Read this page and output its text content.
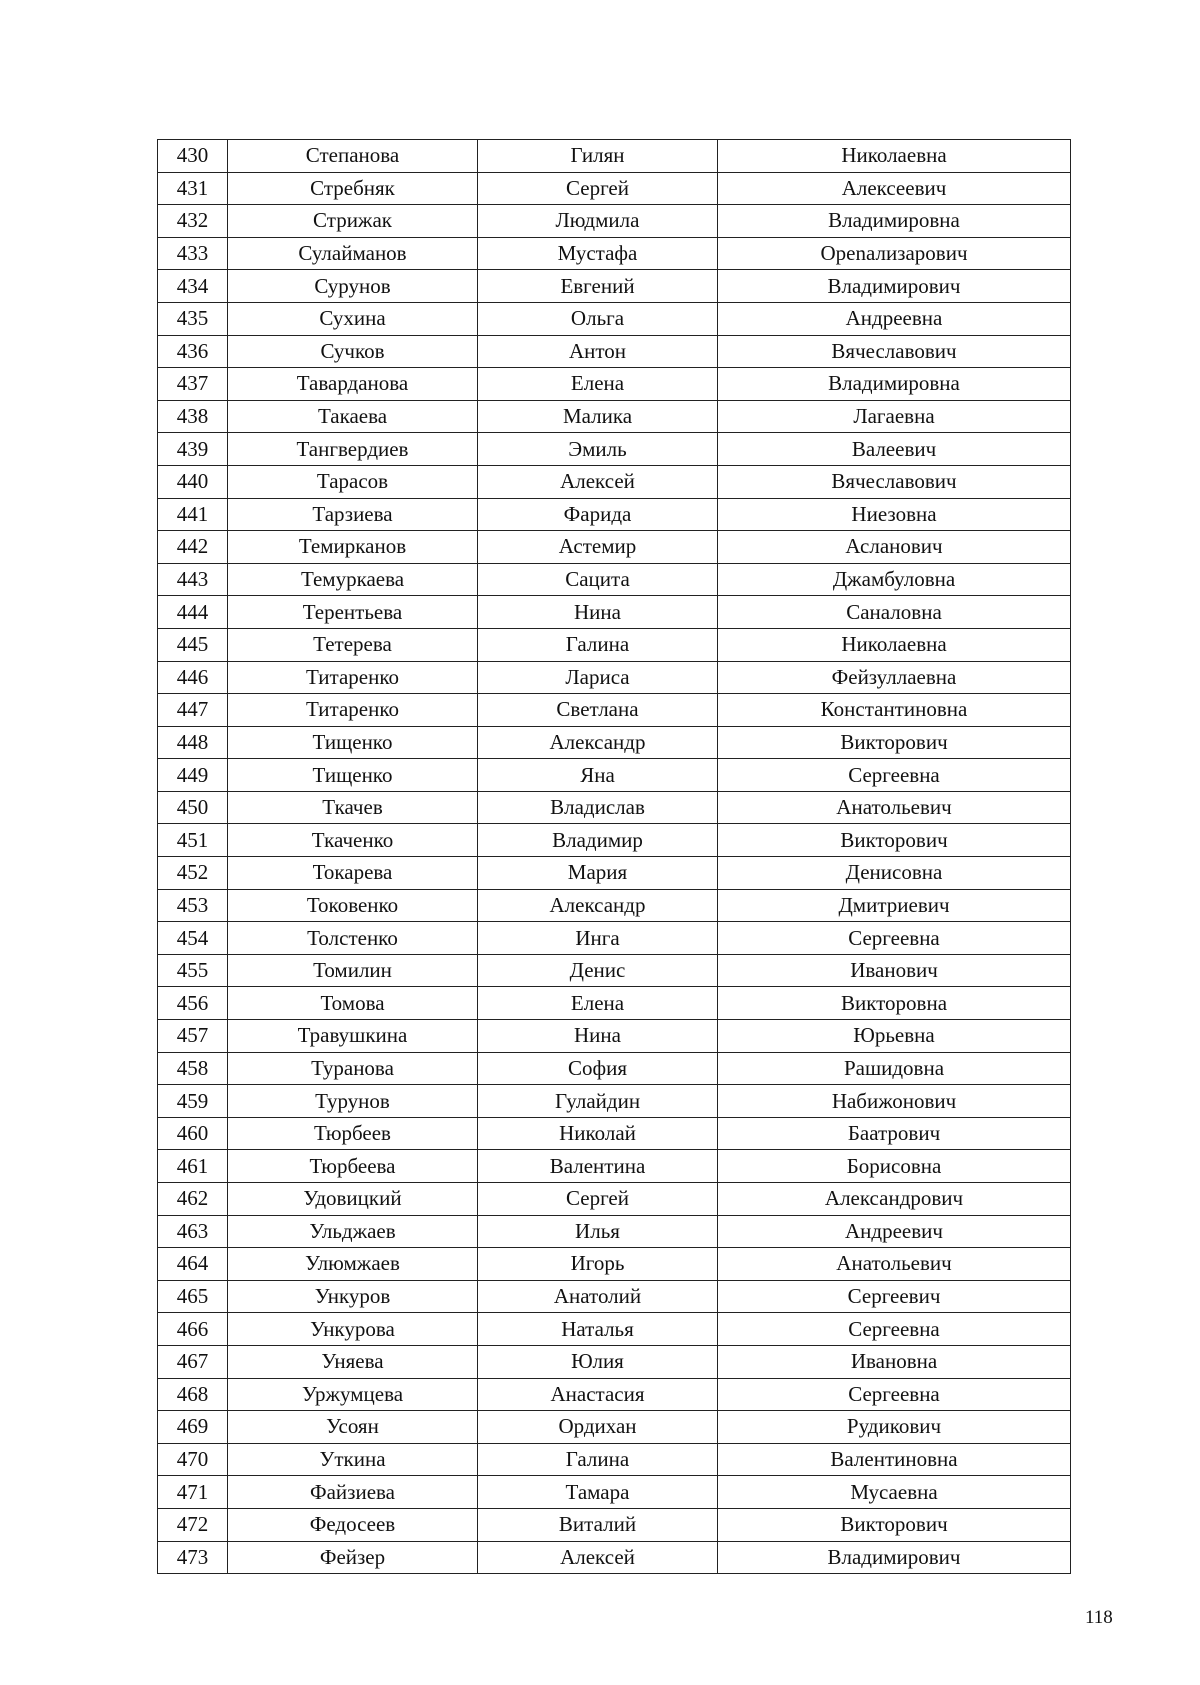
430	Степанова	Гилян	Николаевна
431	Стребняк	Сергей	Алексеевич
432	Стрижак	Людмила	Владимировна
433	Сулайманов	Мустафа	Openализарович
434	Сурунов	Евгений	Владимирович
435	Сухина	Ольга	Андреевна
436	Сучков	Антон	Вячеславович
437	Таварданова	Елена	Владимировна
438	Такаева	Малика	Лагаевна
439	Тангвердиев	Эмиль	Валеевич
440	Тарасов	Алексей	Вячеславович
441	Тарзиева	Фарида	Ниезовна
442	Темирканов	Астемир	Асланович
443	Темуркаева	Сацита	Джамбуловна
444	Терентьева	Нина	Саналовна
445	Тетерева	Галина	Николаевна
446	Титаренко	Лариса	Фейзуллаевна
447	Титаренко	Светлана	Константиновна
448	Тищенко	Александр	Викторович
449	Тищенко	Яна	Сергеевна
450	Ткачев	Владислав	Анатольевич
451	Ткаченко	Владимир	Викторович
452	Токарева	Мария	Денисовна
453	Токовенко	Александр	Дмитриевич
454	Толстенко	Инга	Сергеевна
455	Томилин	Денис	Иванович
456	Томова	Елена	Викторовна
457	Травушкина	Нина	Юрьевна
458	Туранова	София	Рашидовна
459	Турунов	Гулайдин	Набижонович
460	Тюрбеев	Николай	Баатрович
461	Тюрбеева	Валентина	Борисовна
462	Удовицкий	Сергей	Александрович
463	Ульджаев	Илья	Андреевич
464	Улюмжаев	Игорь	Анатольевич
465	Ункуров	Анатолий	Сергеевич
466	Ункурова	Наталья	Сергеевна
467	Уняева	Юлия	Ивановна
468	Уржумцева	Анастасия	Сергеевна
469	Усоян	Ордихан	Рудикович
470	Уткина	Галина	Валентиновна
471	Файзиева	Тамара	Мусаевна
472	Федосеев	Виталий	Викторович
473	Фейзер	Алексей	Владимирович
118
